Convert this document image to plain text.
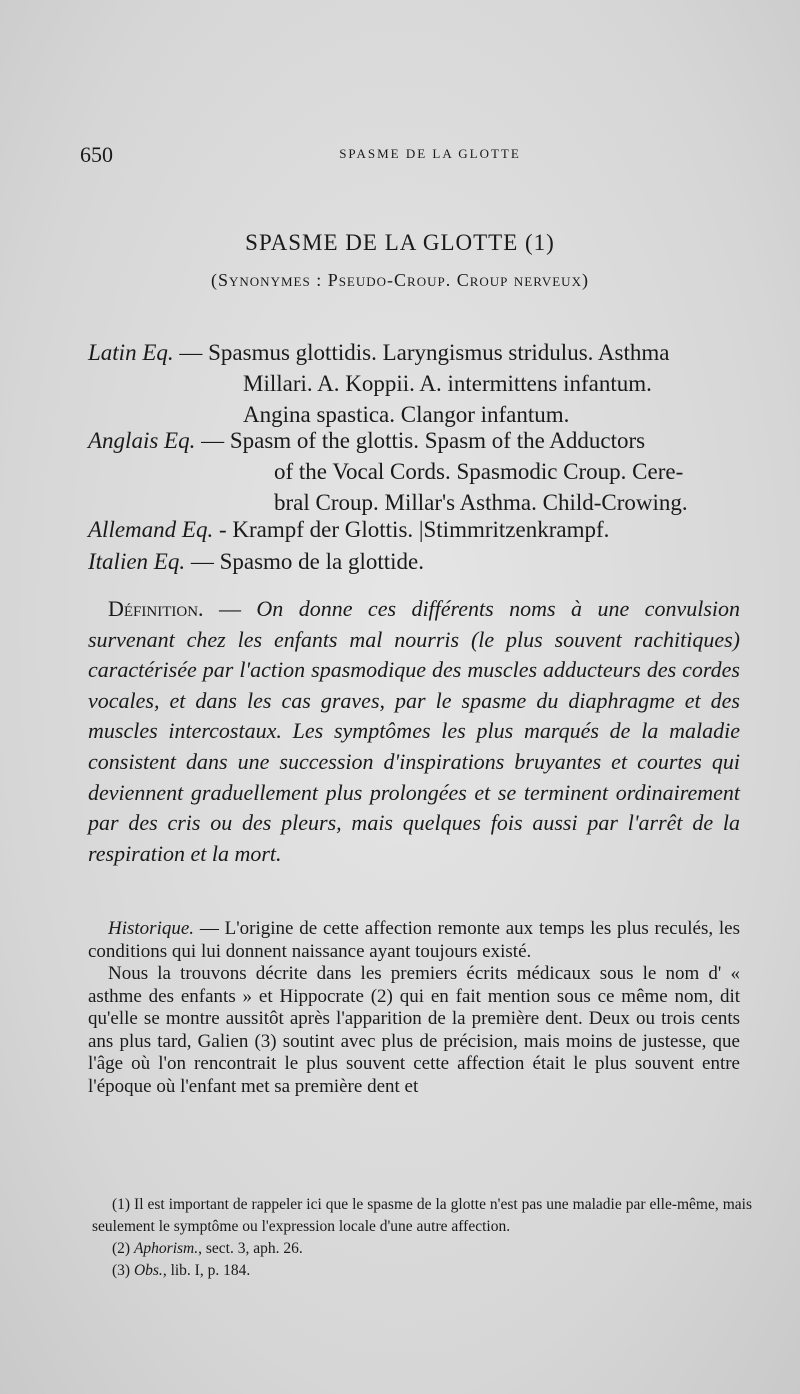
650	SPASME DE LA GLOTTE
SPASME DE LA GLOTTE (1)
(Synonymes : Pseudo-Croup. Croup nerveux)
Latin Eq. — Spasmus glottidis. Laryngismus stridulus. Asthma
Millari. A. Koppii. A. intermittens infantum.
Angina spastica. Clangor infantum.
Anglais Eq. — Spasm of the glottis. Spasm of the Adductors
of the Vocal Cords. Spasmodic Croup. Cere-
bral Croup. Millar's Asthma. Child-Crowing.
Allemand Eq. - Krampf der Glottis. |Stimmritzenkrampf.
Italien Eq. — Spasmo de la glottide.

Définition. — On donne ces différents noms à une convulsion survenant chez les enfants mal nourris (le plus souvent rachitiques) caractérisée par l'action spasmodique des muscles adducteurs des cordes vocales, et dans les cas graves, par le spasme du diaphragme et des muscles intercostaux. Les symptômes les plus marqués de la maladie consistent dans une succession d'inspirations bruyantes et courtes qui deviennent graduellement plus prolongées et se terminent ordinairement par des cris ou des pleurs, mais quelques fois aussi par l'arrêt de la respiration et la mort.

Historique. — L'origine de cette affection remonte aux temps les plus reculés, les conditions qui lui donnent naissance ayant toujours existé.

Nous la trouvons décrite dans les premiers écrits médicaux sous le nom d' « asthme des enfants » et Hippocrate (2) qui en fait mention sous ce même nom, dit qu'elle se montre aussitôt après l'apparition de la première dent. Deux ou trois cents ans plus tard, Galien (3) soutint avec plus de précision, mais moins de justesse, que l'âge où l'on rencontrait le plus souvent cette affection était le plus souvent entre l'époque où l'enfant met sa première dent et

(1) Il est important de rappeler ici que le spasme de la glotte n'est pas une maladie par elle-même, mais seulement le symptôme ou l'expression locale d'une autre affection.

(2) Aphorism., sect. 3, aph. 26.

(3) Obs., lib. I, p. 184.
